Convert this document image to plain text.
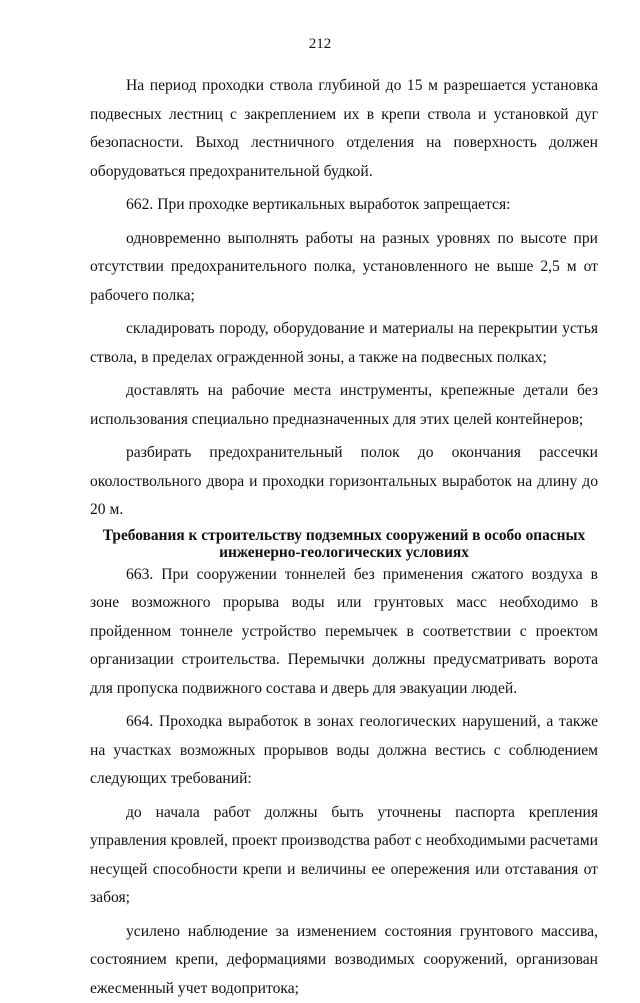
212

На период проходки ствола глубиной до 15 м разрешается установка подвесных лестниц с закреплением их в крепи ствола и установкой дуг безопасности. Выход лестничного отделения на поверхность должен оборудоваться предохранительной будкой.

662. При проходке вертикальных выработок запрещается:

одновременно выполнять работы на разных уровнях по высоте при отсутствии предохранительного полка, установленного не выше 2,5 м от рабочего полка;

складировать породу, оборудование и материалы на перекрытии устья ствола, в пределах огражденной зоны, а также на подвесных полках;

доставлять на рабочие места инструменты, крепежные детали без использования специально предназначенных для этих целей контейнеров;

разбирать предохранительный полок до окончания рассечки околоствольного двора и проходки горизонтальных выработок на длину до 20 м.

Требования к строительству подземных сооружений в особо опасных
инженерно-геологических условиях

663. При сооружении тоннелей без применения сжатого воздуха в зоне возможного прорыва воды или грунтовых масс необходимо в пройденном тоннеле устройство перемычек в соответствии с проектом организации строительства. Перемычки должны предусматривать ворота для пропуска подвижного состава и дверь для эвакуации людей.

664. Проходка выработок в зонах геологических нарушений, а также на участках возможных прорывов воды должна вестись с соблюдением следующих требований:

до начала работ должны быть уточнены паспорта крепления управления кровлей, проект производства работ с необходимыми расчетами несущей способности крепи и величины ее опережения или отставания от забоя;

усилено наблюдение за изменением состояния грунтового массива, состоянием крепи, деформациями возводимых сооружений, организован ежесменный учет водопритока;
